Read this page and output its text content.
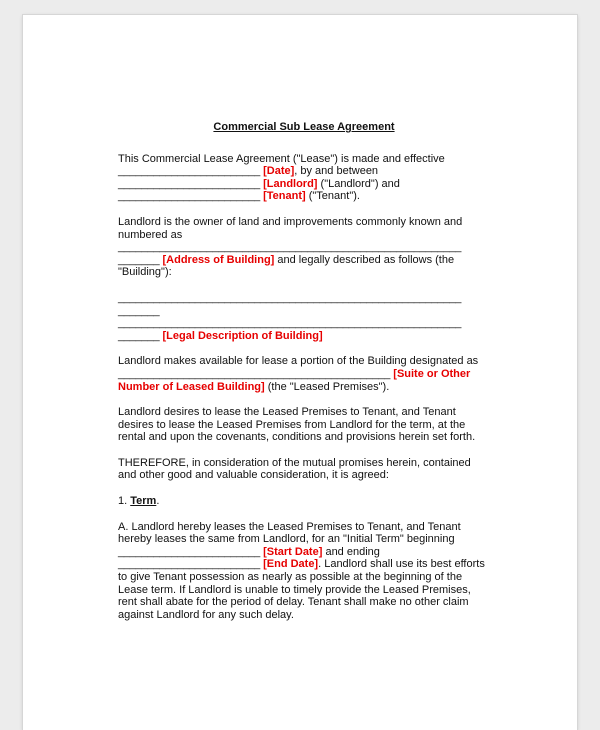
Commercial Sub Lease Agreement

This Commercial Lease Agreement ("Lease") is made and effective
________________________ [Date], by and between
________________________ [Landlord] ("Landlord") and
________________________ [Tenant] ("Tenant").

Landlord is the owner of land and improvements commonly known and numbered as
__________________________________________________________
_______ [Address of Building] and legally described as follows (the "Building"):

__________________________________________________________
_______
__________________________________________________________
_______ [Legal Description of Building]

Landlord makes available for lease a portion of the Building designated as
______________________________________________ [Suite or Other Number of Leased Building] (the "Leased Premises").

Landlord desires to lease the Leased Premises to Tenant, and Tenant desires to lease the Leased Premises from Landlord for the term, at the rental and upon the covenants, conditions and provisions herein set forth.

THEREFORE, in consideration of the mutual promises herein, contained and other good and valuable consideration, it is agreed:

1. Term.

A. Landlord hereby leases the Leased Premises to Tenant, and Tenant hereby leases the same from Landlord, for an "Initial Term" beginning
________________________ [Start Date] and ending
________________________ [End Date]. Landlord shall use its best efforts to give Tenant possession as nearly as possible at the beginning of the Lease term. If Landlord is unable to timely provide the Leased Premises, rent shall abate for the period of delay. Tenant shall make no other claim against Landlord for any such delay.
